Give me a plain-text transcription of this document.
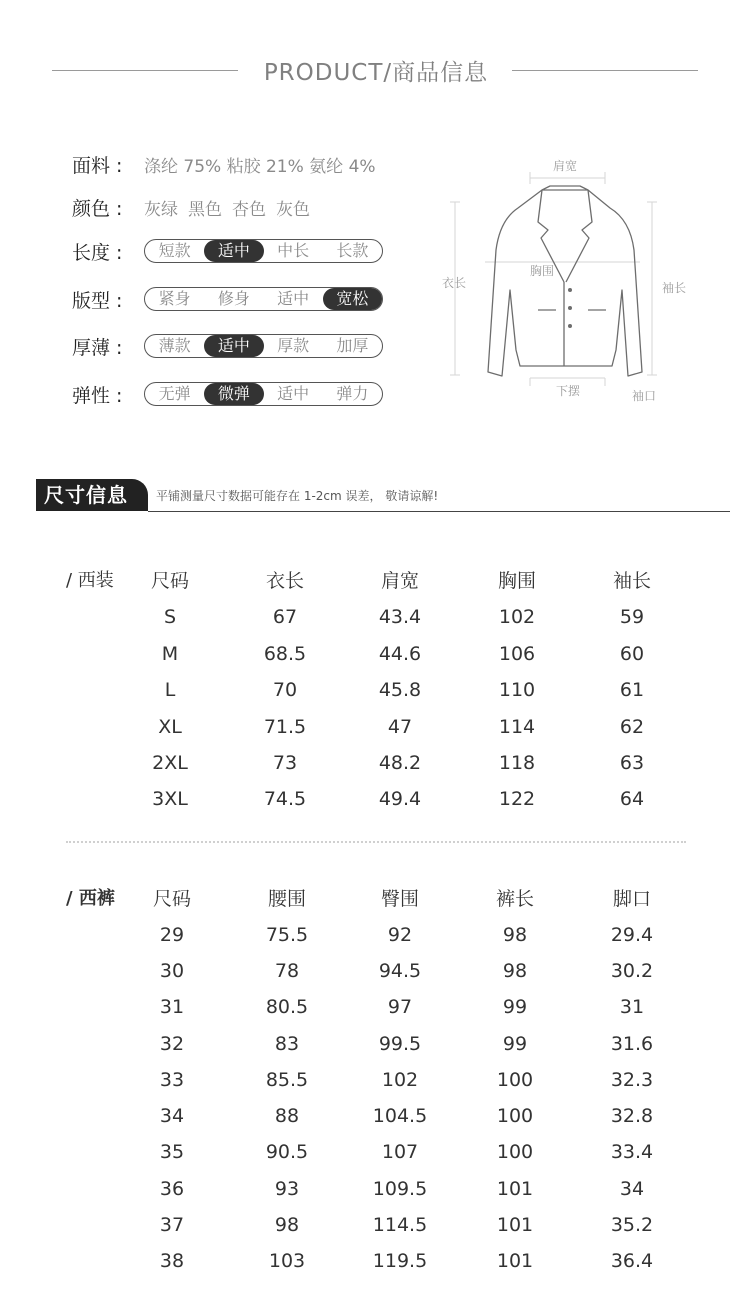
PRODUCT/商品信息
面料 :	涤纶 75% 粘胶 21% 氨纶 4%
颜色 :	灰绿 黑色 杏色 灰色
长度 :	短款	适中	中长	长款
版型 :	紧身	修身	适中	宽松
厚薄 :	薄款	适中	厚款	加厚
弹性 :	无弹	微弹	适中	弹力
肩宽
衣长
胸围
袖长
下摆	袖口
尺寸信息	平铺测量尺寸数据可能存在 1-2cm 误差， 敬请谅解!
/ 西装	尺码	衣长	肩宽	胸围	袖长
S	67	43.4	102	59
M	68.5	44.6	106	60
L	70	45.8	110	61
XL	71.5	47	114	62
2XL	73	48.2	118	63
3XL	74.5	49.4	122	64
/ 西裤	尺码	腰围	臀围	裤长	脚口
29	75.5	92	98	29.4
30	78	94.5	98	30.2
31	80.5	97	99	31
32	83	99.5	99	31.6
33	85.5	102	100	32.3
34	88	104.5	100	32.8
35	90.5	107	100	33.4
36	93	109.5	101	34
37	98	114.5	101	35.2
38	103	119.5	101	36.4
